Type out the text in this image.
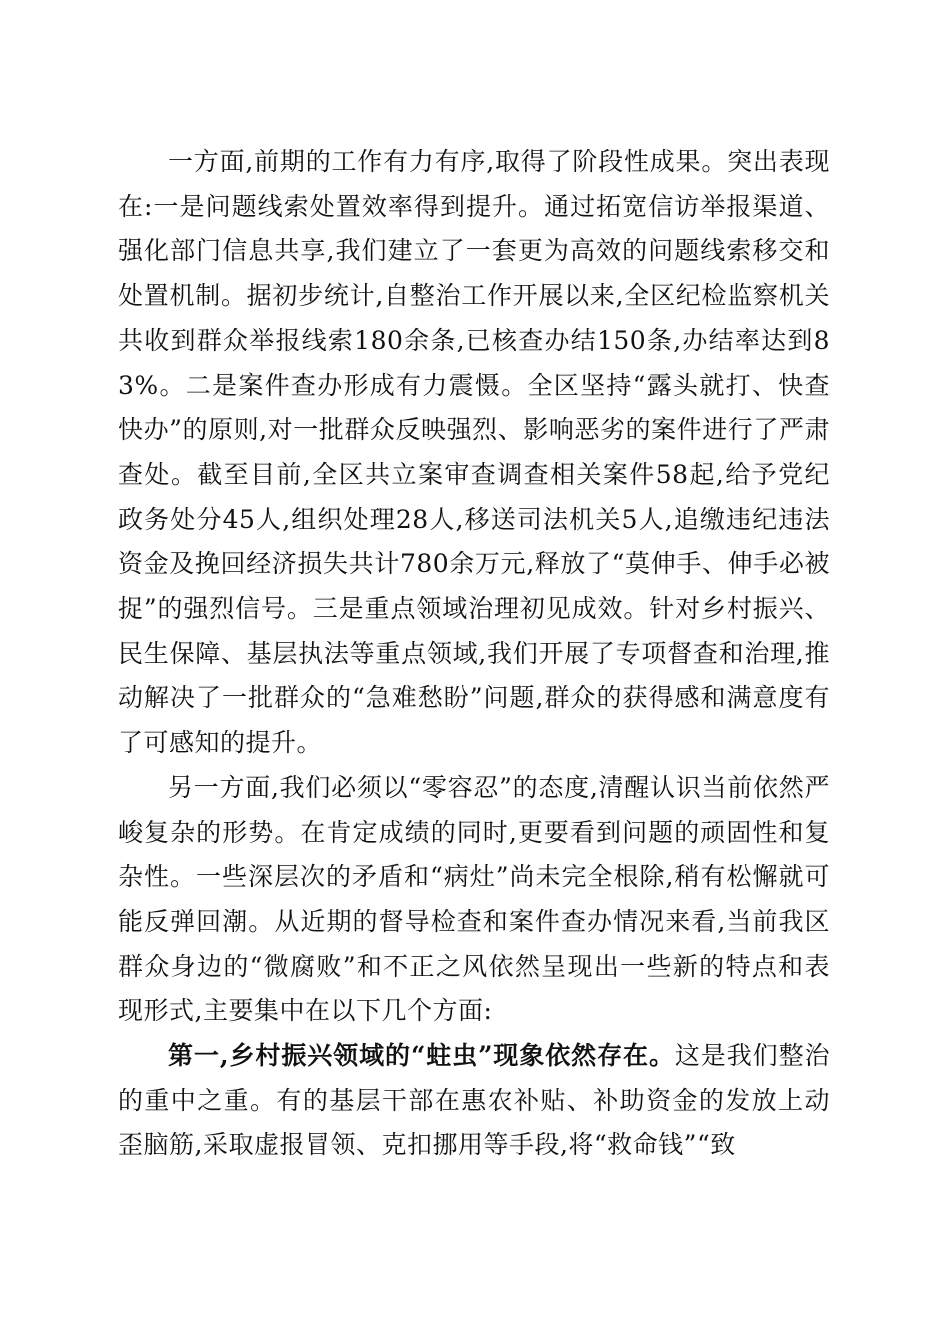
一方面,前期的工作有力有序,取得了阶段性成果。突出表现在:一是问题线索处置效率得到提升。通过拓宽信访举报渠道、强化部门信息共享,我们建立了一套更为高效的问题线索移交和处置机制。据初步统计,自整治工作开展以来,全区纪检监察机关共收到群众举报线索180余条,已核查办结150条,办结率达到83%。二是案件查办形成有力震慑。全区坚持“露头就打、快查快办”的原则,对一批群众反映强烈、影响恶劣的案件进行了严肃查处。截至目前,全区共立案审查调查相关案件58起,给予党纪政务处分45人,组织处理28人,移送司法机关5人,追缴违纪违法资金及挽回经济损失共计780余万元,释放了“莫伸手、伸手必被捉”的强烈信号。三是重点领域治理初见成效。针对乡村振兴、民生保障、基层执法等重点领域,我们开展了专项督查和治理,推动解决了一批群众的“急难愁盼”问题,群众的获得感和满意度有了可感知的提升。

另一方面,我们必须以“零容忍”的态度,清醒认识当前依然严峻复杂的形势。在肯定成绩的同时,更要看到问题的顽固性和复杂性。一些深层次的矛盾和“病灶”尚未完全根除,稍有松懈就可能反弹回潮。从近期的督导检查和案件查办情况来看,当前我区群众身边的“微腐败”和不正之风依然呈现出一些新的特点和表现形式,主要集中在以下几个方面:

第一,乡村振兴领域的“蛀虫”现象依然存在。这是我们整治的重中之重。有的基层干部在惠农补贴、补助资金的发放上动歪脑筋,采取虚报冒领、克扣挪用等手段,将“救命钱”“致
